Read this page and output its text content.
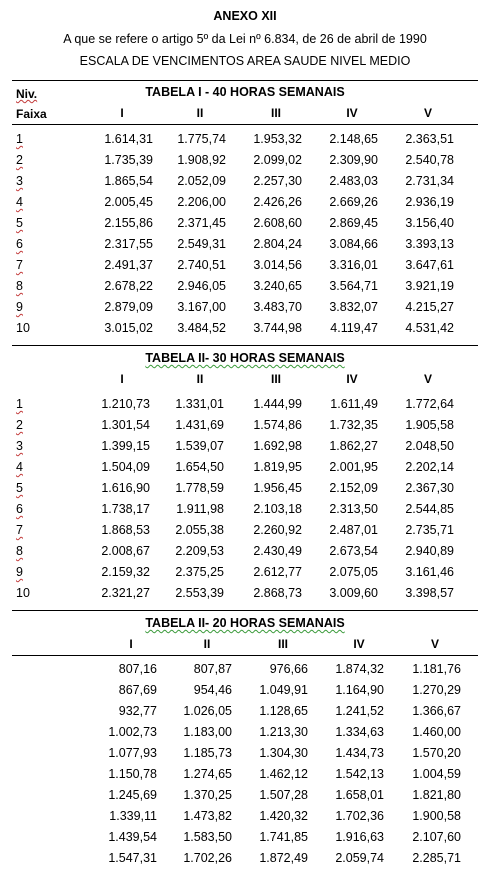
ANEXO XII
A que se refere o artigo 5º da Lei nº 6.834, de 26 de abril de 1990
ESCALA DE VENCIMENTOS AREA SAUDE NIVEL MEDIO
Niv.
Faixa
TABELA I - 40 HORAS SEMANAIS
I	II	III	IV	V
1	1.614,31 1.775,74 1.953,32 2.148,65 2.363,51
2	1.735,39 1.908,92 2.099,02 2.309,90 2.540,78
3	1.865,54 2.052,09 2.257,30 2.483,03 2.731,34
4	2.005,45 2.206,00 2.426,26 2.669,26 2.936,19
5	2.155,86 2.371,45 2.608,60 2.869,45 3.156,40
6	2.317,55 2.549,31 2.804,24 3.084,66 3.393,13
7	2.491,37 2.740,51 3.014,56 3.316,01 3.647,61
8	2.678,22 2.946,05 3.240,65 3.564,71 3.921,19
9	2.879,09 3.167,00 3.483,70 3.832,07 4.215,27
10	3.015,02 3.484,52 3.744,98 4.119,47 4.531,42
TABELA II- 30 HORAS SEMANAIS
I	II	III	IV	V
1	1.210,73 1.331,01 1.444,99 1.611,49 1.772,64
2	1.301,54 1.431,69 1.574,86 1.732,35 1.905,58
3	1.399,15 1.539,07 1.692,98 1.862,27 2.048,50
4	1.504,09 1.654,50 1.819,95 2.001,95 2.202,14
5	1.616,90 1.778,59 1.956,45 2.152,09 2.367,30
6	1.738,17 1.911,98 2.103,18 2.313,50 2.544,85
7	1.868,53 2.055,38 2.260,92 2.487,01 2.735,71
8	2.008,67 2.209,53 2.430,49 2.673,54 2.940,89
9	2.159,32 2.375,25 2.612,77 2.075,05 3.161,46
10	2.321,27 2.553,39 2.868,73 3.009,60 3.398,57
TABELA II- 20 HORAS SEMANAIS
I	II	III	IV	V
807,16	807,87	976,66 1.874,32 1.181,76
867,69	954,46 1.049,91 1.164,90 1.270,29
932,77 1.026,05 1.128,65 1.241,52 1.366,67
1.002,73 1.183,00 1.213,30 1.334,63 1.460,00
1.077,93 1.185,73 1.304,30 1.434,73 1.570,20
1.150,78 1.274,65 1.462,12 1.542,13 1.004,59
1.245,69 1.370,25 1.507,28 1.658,01 1.821,80
1.339,11 1.473,82 1.420,32 1.702,36 1.900,58
1.439,54 1.583,50 1.741,85 1.916,63 2.107,60
1.547,31 1.702,26 1.872,49 2.059,74 2.285,71
